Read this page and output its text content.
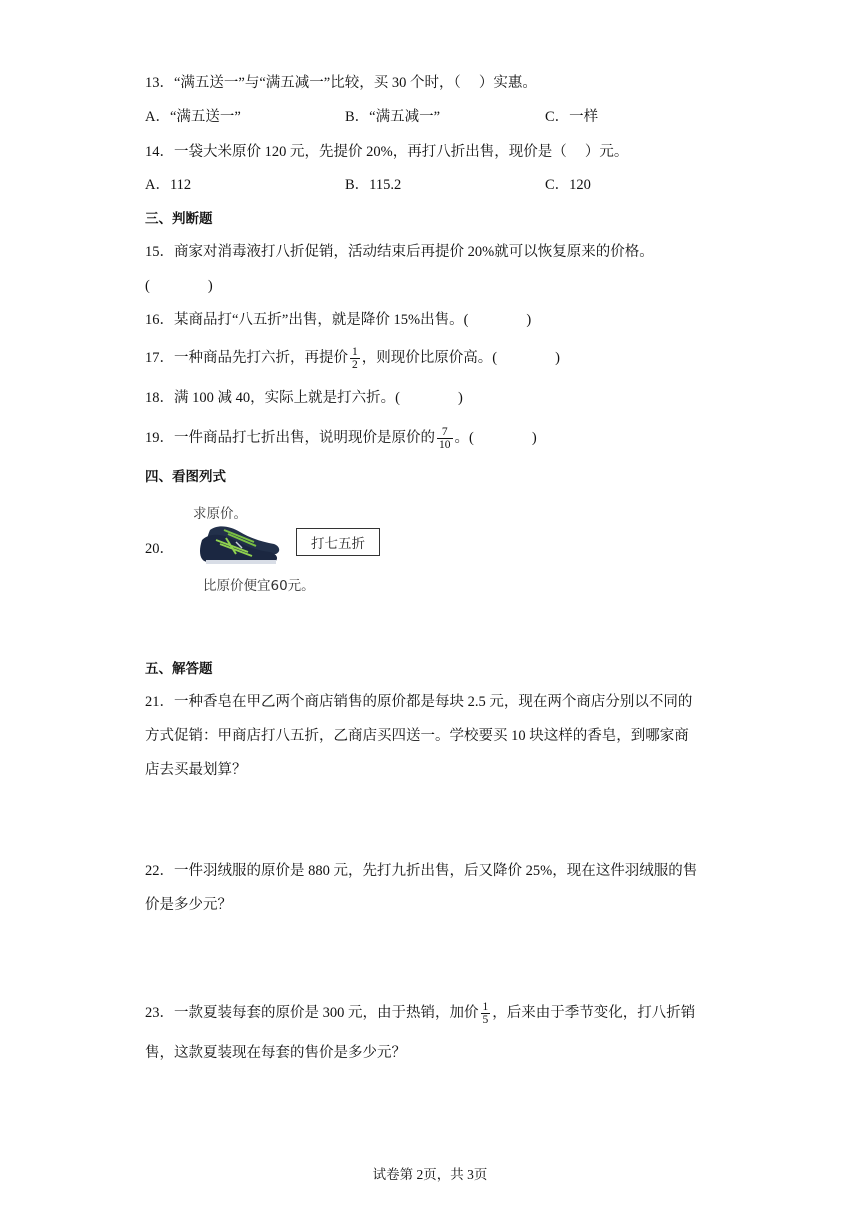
13．“满五送一”与“满五减一”比较，买 30 个时，（　 ）实惠。
A．“满五送一”	B．“满五减一”	C．一样
14．一袋大米原价 120 元，先提价 20%，再打八折出售，现价是（　 ）元。
A．112	B．115.2	C．120
三、判断题
15．商家对消毒液打八折促销，活动结束后再提价 20%就可以恢复原来的价格。
(　　　　)
16．某商品打“八五折”出售，就是降价 15%出售。(　　　　)
17．一种商品先打六折，再提价 $\frac{1}{2}$ ，则现价比原价高。(　　　　)
18．满 100 减 40，实际上就是打六折。(　　　　)
19．一件商品打七折出售，说明现价是原价的 $\frac{7}{10}$ 。(　　　　)
四、看图列式
20．
求原价。
打七五折
比原价便宜60元。
五、解答题
21．一种香皂在甲乙两个商店销售的原价都是每块 2.5 元，现在两个商店分别以不同的
方式促销：甲商店打八五折，乙商店买四送一。学校要买 10 块这样的香皂，到哪家商
店去买最划算？
22．一件羽绒服的原价是 880 元，先打九折出售，后又降价 25%，现在这件羽绒服的售
价是多少元？
23．一款夏装每套的原价是 300 元，由于热销，加价 $\frac{1}{5}$ ，后来由于季节变化，打八折销
售，这款夏装现在每套的售价是多少元？
试卷第 2页，共 3页
